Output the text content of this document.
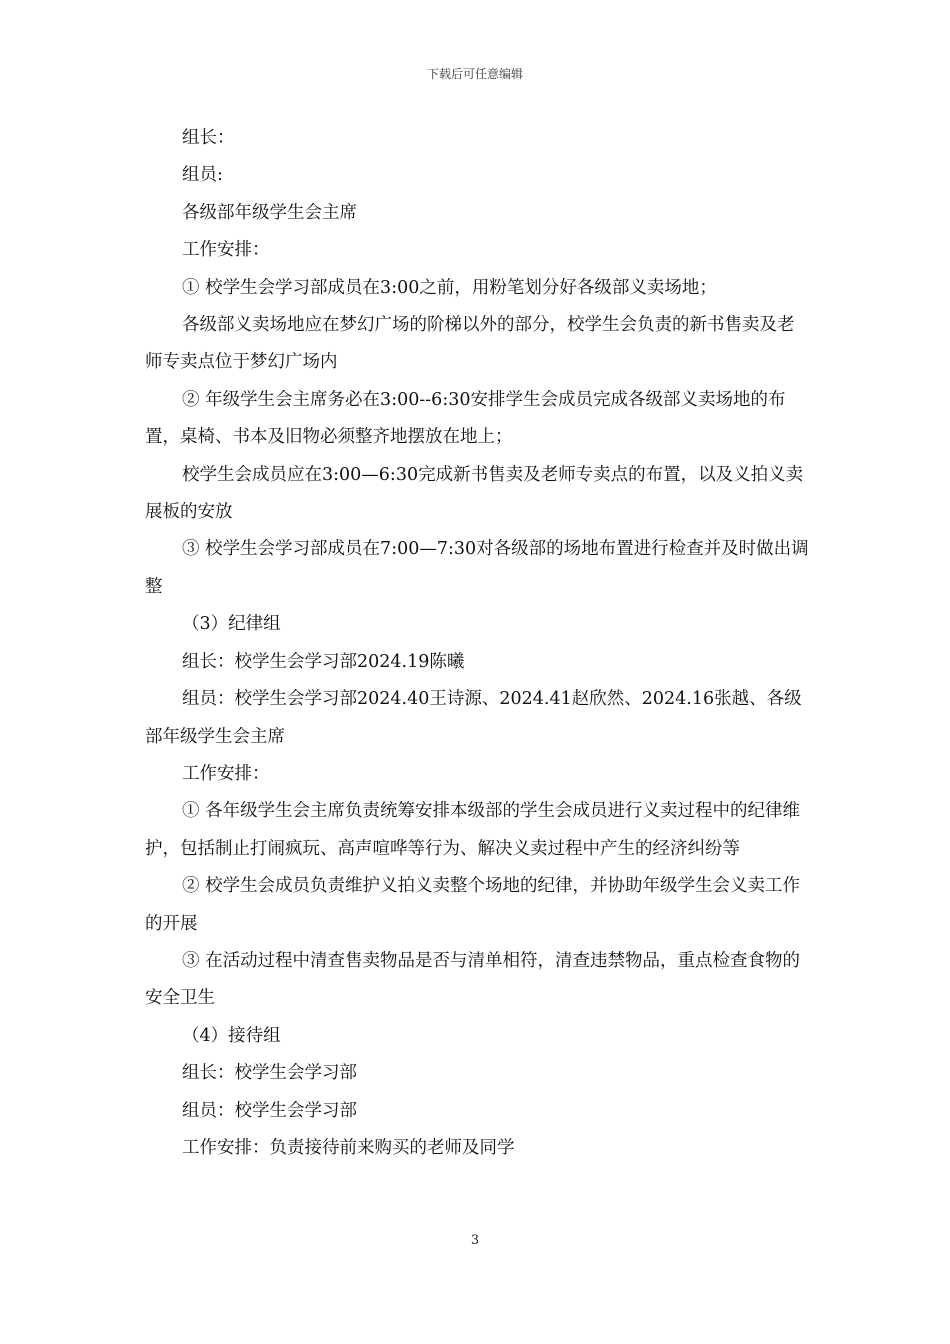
下载后可任意编辑

组长：

组员:

各级部年级学生会主席

工作安排：

① 校学生会学习部成员在3:00之前，用粉笔划分好各级部义卖场地；

各级部义卖场地应在梦幻广场的阶梯以外的部分，校学生会负责的新书售卖及老师专卖点位于梦幻广场内

② 年级学生会主席务必在3:00--6:30安排学生会成员完成各级部义卖场地的布置，桌椅、书本及旧物必须整齐地摆放在地上；

校学生会成员应在3:00—6:30完成新书售卖及老师专卖点的布置，以及义拍义卖展板的安放

③ 校学生会学习部成员在7:00—7:30对各级部的场地布置进行检查并及时做出调整

（3）纪律组

组长：校学生会学习部2024.19陈曦

组员：校学生会学习部2024.40王诗源、2024.41赵欣然、2024.16张越、各级部年级学生会主席

工作安排：

① 各年级学生会主席负责统筹安排本级部的学生会成员进行义卖过程中的纪律维护，包括制止打闹疯玩、高声喧哗等行为、解决义卖过程中产生的经济纠纷等

② 校学生会成员负责维护义拍义卖整个场地的纪律，并协助年级学生会义卖工作的开展

③ 在活动过程中清查售卖物品是否与清单相符，清查违禁物品，重点检查食物的安全卫生

（4）接待组

组长：校学生会学习部

组员：校学生会学习部

工作安排：负责接待前来购买的老师及同学

3
